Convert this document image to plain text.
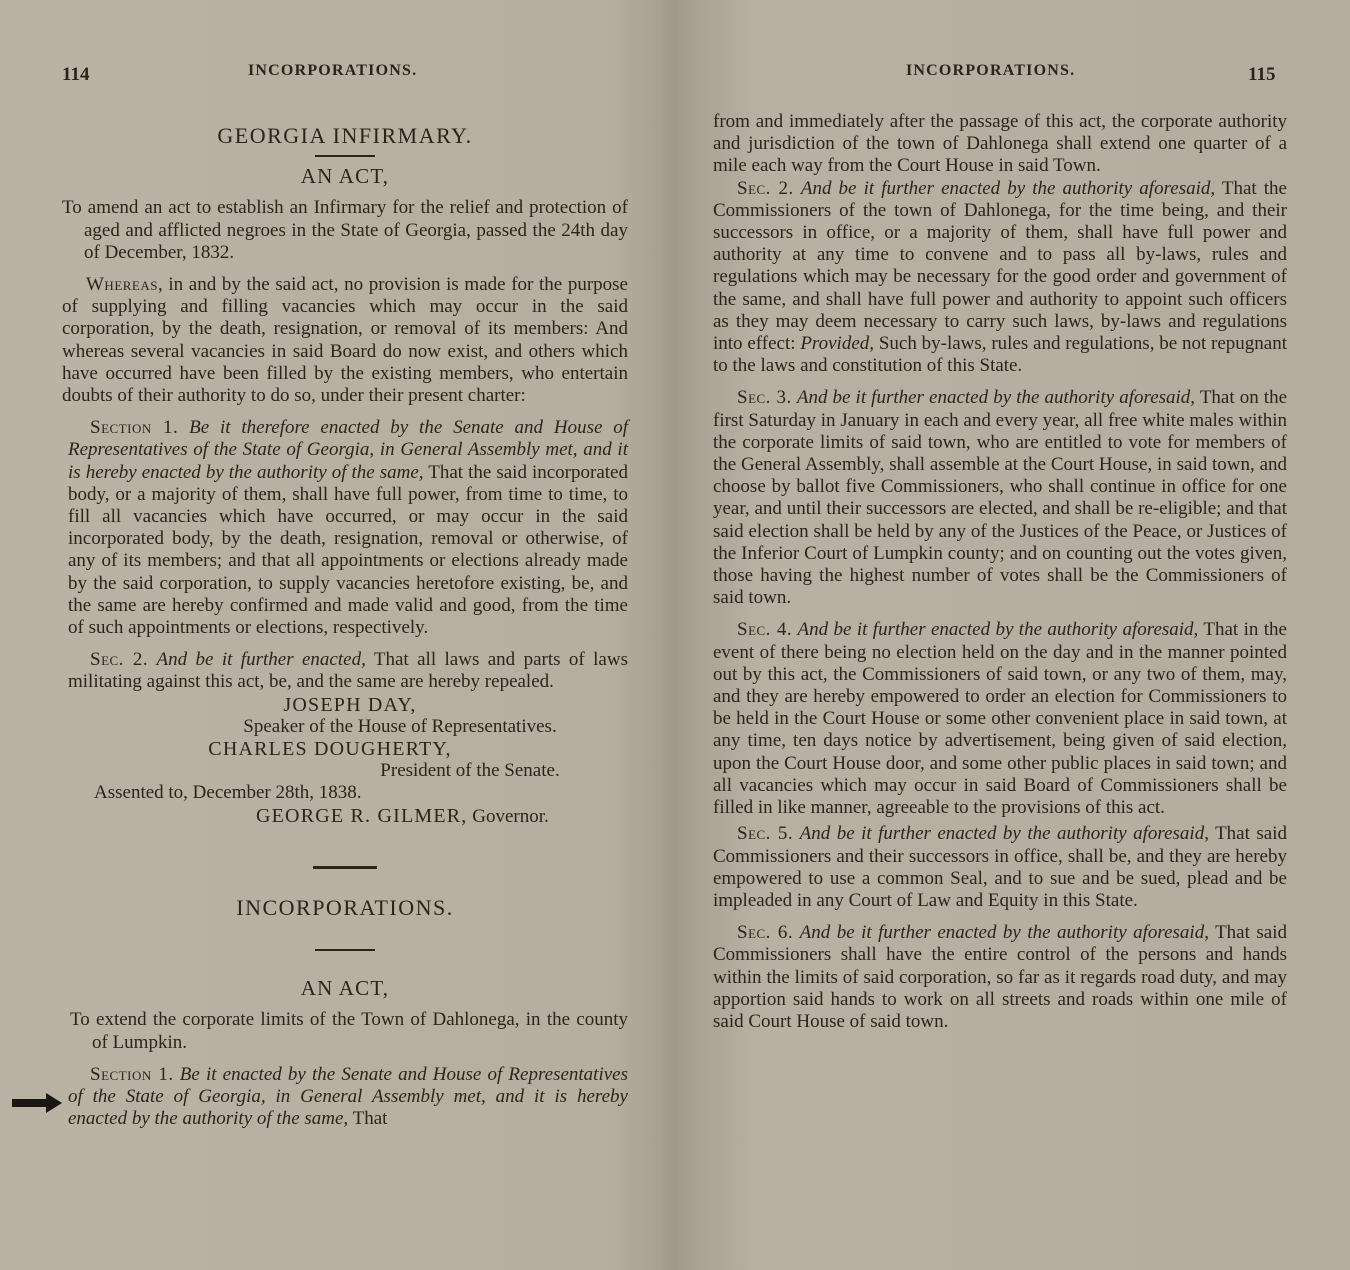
114	INCORPORATIONS.

GEORGIA INFIRMARY.

AN ACT,

To amend an act to establish an Infirmary for the relief and protection of aged and afflicted negroes in the State of Georgia, passed the 24th day of December, 1832.

Whereas, in and by the said act, no provision is made for the purpose of supplying and filling vacancies which may occur in the said corporation, by the death, resignation, or removal of its members: And whereas several vacancies in said Board do now exist, and others which have occurred have been filled by the existing members, who entertain doubts of their authority to do so, under their present charter:

Section 1. Be it therefore enacted by the Senate and House of Representatives of the State of Georgia, in General Assembly met, and it is hereby enacted by the authority of the same, That the said incorporated body, or a majority of them, shall have full power, from time to time, to fill all vacancies which have occurred, or may occur in the said incorporated body, by the death, resignation, removal or otherwise, of any of its members; and that all appointments or elections already made by the said corporation, to supply vacancies heretofore existing, be, and the same are hereby confirmed and made valid and good, from the time of such appointments or elections, respectively.

Sec. 2. And be it further enacted, That all laws and parts of laws militating against this act, be, and the same are hereby repealed.

JOSEPH DAY,
Speaker of the House of Representatives.
CHARLES DOUGHERTY,
President of the Senate.

Assented to, December 28th, 1838.

GEORGE R. GILMER, Governor.

INCORPORATIONS.

AN ACT,

To extend the corporate limits of the Town of Dahlonega, in the county of Lumpkin.

Section 1. Be it enacted by the Senate and House of Representatives of the State of Georgia, in General Assembly met, and it is hereby enacted by the authority of the same, That

INCORPORATIONS.	115

from and immediately after the passage of this act, the corporate authority and jurisdiction of the town of Dahlonega shall extend one quarter of a mile each way from the Court House in said Town.

Sec. 2. And be it further enacted by the authority aforesaid, That the Commissioners of the town of Dahlonega, for the time being, and their successors in office, or a majority of them, shall have full power and authority at any time to convene and to pass all by-laws, rules and regulations which may be necessary for the good order and government of the same, and shall have full power and authority to appoint such officers as they may deem necessary to carry such laws, by-laws and regulations into effect: Provided, Such by-laws, rules and regulations, be not repugnant to the laws and constitution of this State.

Sec. 3. And be it further enacted by the authority aforesaid, That on the first Saturday in January in each and every year, all free white males within the corporate limits of said town, who are entitled to vote for members of the General Assembly, shall assemble at the Court House, in said town, and choose by ballot five Commissioners, who shall continue in office for one year, and until their successors are elected, and shall be re-eligible; and that said election shall be held by any of the Justices of the Peace, or Justices of the Inferior Court of Lumpkin county; and on counting out the votes given, those having the highest number of votes shall be the Commissioners of said town.

Sec. 4. And be it further enacted by the authority aforesaid, That in the event of there being no election held on the day and in the manner pointed out by this act, the Commissioners of said town, or any two of them, may, and they are hereby empowered to order an election for Commissioners to be held in the Court House or some other convenient place in said town, at any time, ten days notice by advertisement, being given of said election, upon the Court House door, and some other public places in said town; and all vacancies which may occur in said Board of Commissioners shall be filled in like manner, agreeable to the provisions of this act.

Sec. 5. And be it further enacted by the authority aforesaid, That said Commissioners and their successors in office, shall be, and they are hereby empowered to use a common Seal, and to sue and be sued, plead and be impleaded in any Court of Law and Equity in this State.

Sec. 6. And be it further enacted by the authority aforesaid, That said Commissioners shall have the entire control of the persons and hands within the limits of said corporation, so far as it regards road duty, and may apportion said hands to work on all streets and roads within one mile of said Court House of said town.
